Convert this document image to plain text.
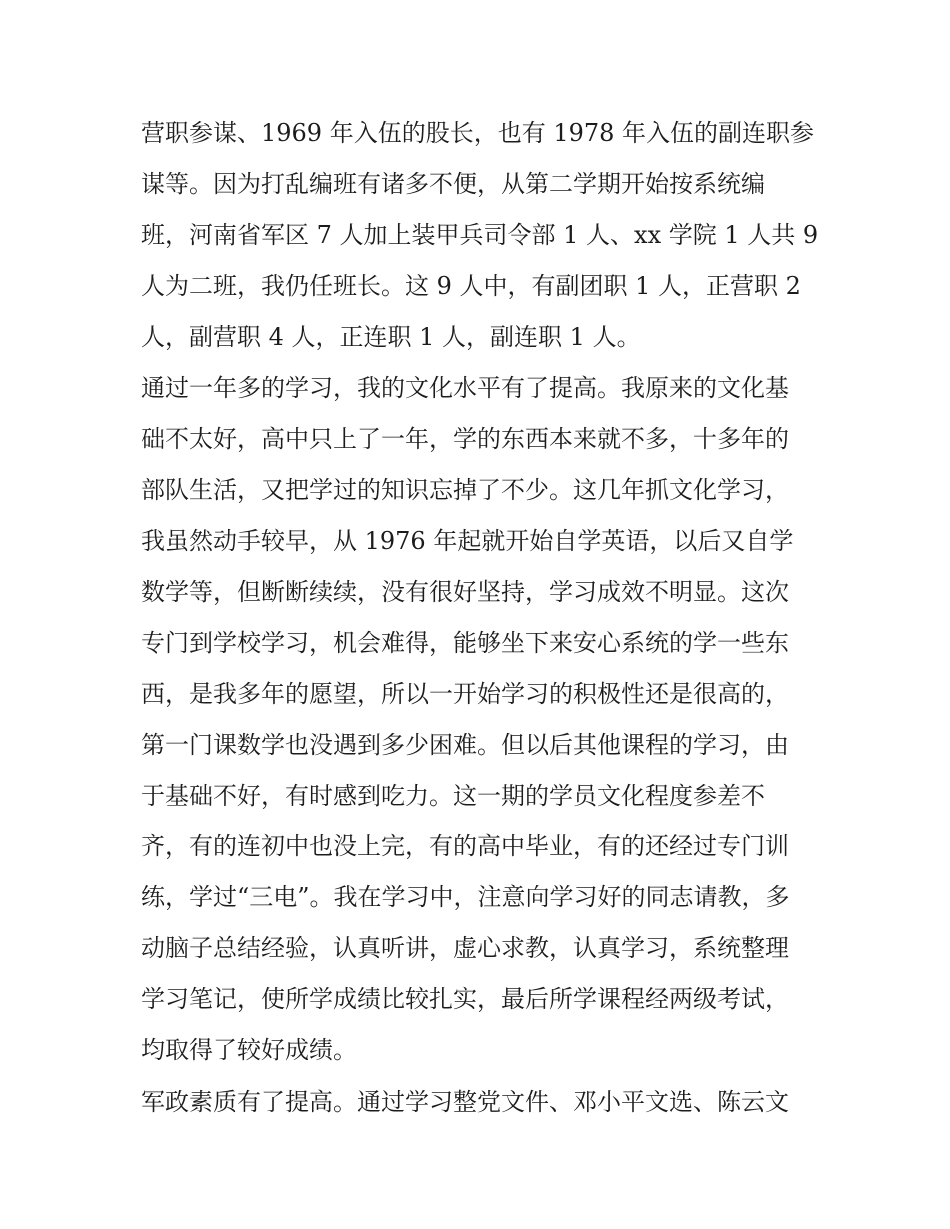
营职参谋、1969 年入伍的股长，也有 1978 年入伍的副连职参
谋等。因为打乱编班有诸多不便，从第二学期开始按系统编
班，河南省军区 7 人加上装甲兵司令部 1 人、xx 学院 1 人共 9
人为二班，我仍任班长。这 9 人中，有副团职 1 人，正营职 2
人，副营职 4 人，正连职 1 人，副连职 1 人。
通过一年多的学习，我的文化水平有了提高。我原来的文化基
础不太好，高中只上了一年，学的东西本来就不多，十多年的
部队生活，又把学过的知识忘掉了不少。这几年抓文化学习，
我虽然动手较早，从 1976 年起就开始自学英语，以后又自学
数学等，但断断续续，没有很好坚持，学习成效不明显。这次
专门到学校学习，机会难得，能够坐下来安心系统的学一些东
西，是我多年的愿望，所以一开始学习的积极性还是很高的，
第一门课数学也没遇到多少困难。但以后其他课程的学习，由
于基础不好，有时感到吃力。这一期的学员文化程度参差不
齐，有的连初中也没上完，有的高中毕业，有的还经过专门训
练，学过“三电”。我在学习中，注意向学习好的同志请教，多
动脑子总结经验，认真听讲，虚心求教，认真学习，系统整理
学习笔记，使所学成绩比较扎实，最后所学课程经两级考试，
均取得了较好成绩。
军政素质有了提高。通过学习整党文件、邓小平文选、陈云文
